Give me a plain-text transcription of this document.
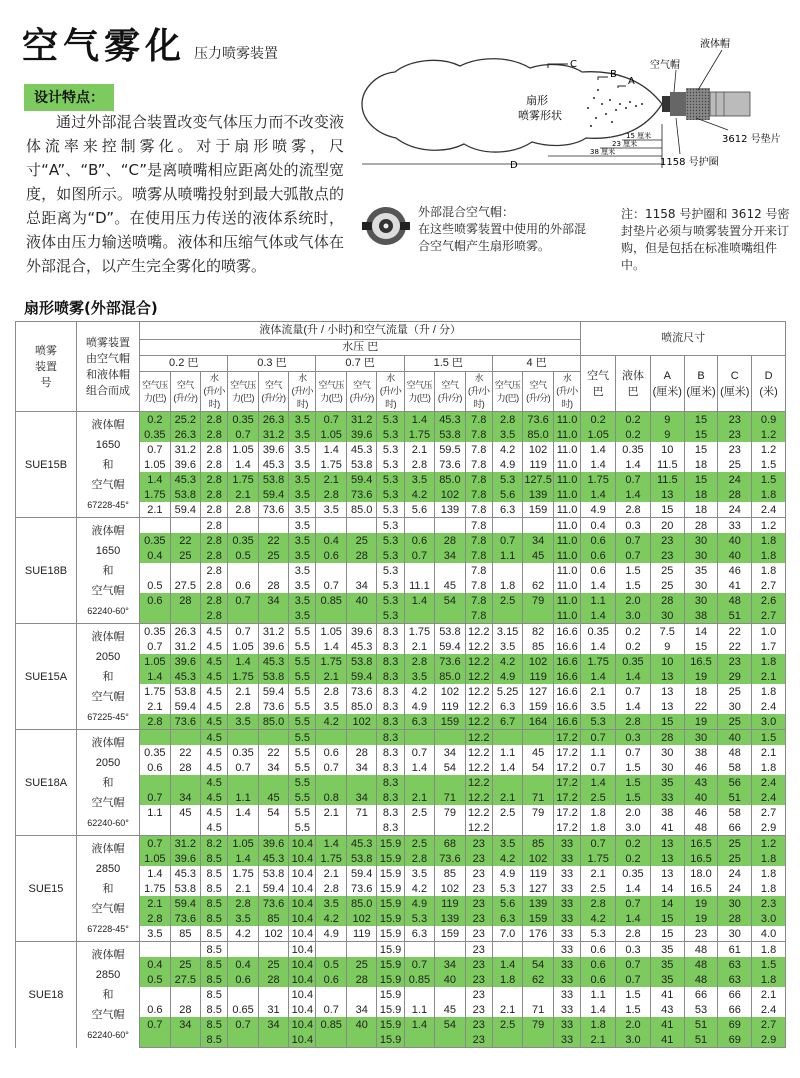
空气雾化 压力喷雾装置
设计特点：
通过外部混合装置改变气体压力而不改变液体流率来控制雾化。对于扇形喷雾，尺寸“A”、“B”、“C”是离喷嘴相应距离处的流型宽度，如图所示。喷雾从喷嘴投射到最大弧散点的总距离为“D”。在使用压力传送的液体系统时，液体由压力输送喷嘴。液体和压缩气体或气体在外部混合，以产生完全雾化的喷雾。
C
B
A
扇形
喷雾形状
15 厘米
23 厘米
38 厘米
D
液体帽
空气帽
3612 号垫片
1158 号护圈
外部混合空气帽：
在这些喷雾装置中使用的外部混
合空气帽产生扇形喷雾。
注：1158 号护圈和 3612 号密封垫片必须与喷雾装置分开来订购，但是包括在标准喷嘴组件中。
扇形喷雾(外部混合)
喷雾
装置
号	喷雾装置
由空气帽
和液体帽
组合而成	液体流量(升 / 小时)和空气流量（升 / 分）															喷流尺寸					
		水压 巴																				
		0.2 巴			0.3 巴			0.7 巴			1.5 巴			4 巴			空气
巴	液体
巴	A
(厘米)	B
(厘米)	C
(厘米)	D
(米)
		空气压
力(巴)	空气
(升/分)	水
(升/小时)	空气压
力(巴)	空气
(升/分)	水
(升/小时)	空气压
力(巴)	空气
(升/分)	水
(升/小时)	空气压
力(巴)	空气
(升/分)	水
(升/小时)	空气压
力(巴)	空气
(升/分)	水
(升/小时)						
SUE15B	液体帽
1650
和
空气帽
67228-45°	0.2	25.2	2.8	0.35	26.3	3.5	0.7	31.2	5.3	1.4	45.3	7.8	2.8	73.6	11.0	0.2	0.2	9	15	23	0.9
		0.35	26.3	2.8	0.7	31.2	3.5	1.05	39.6	5.3	1.75	53.8	7.8	3.5	85.0	11.0	1.05	0.2	9	15	23	1.2
		0.7	31.2	2.8	1.05	39.6	3.5	1.4	45.3	5.3	2.1	59.5	7.8	4.2	102	11.0	1.4	0.35	10	15	23	1.2
		1.05	39.6	2.8	1.4	45.3	3.5	1.75	53.8	5.3	2.8	73.6	7.8	4.9	119	11.0	1.4	1.4	11.5	18	25	1.5
		1.4	45.3	2.8	1.75	53.8	3.5	2.1	59.4	5.3	3.5	85.0	7.8	5.3	127.5	11.0	1.75	0.7	11.5	15	24	1.5
		1.75	53.8	2.8	2.1	59.4	3.5	2.8	73.6	5.3	4.2	102	7.8	5.6	139	11.0	1.4	1.4	13	18	28	1.8
		2.1	59.4	2.8	2.8	73.6	3.5	3.5	85.0	5.3	5.6	139	7.8	6.3	159	11.0	4.9	2.8	15	18	24	2.4
SUE18B	液体帽
1650
和
空气帽
62240-60°			2.8			3.5			5.3			7.8			11.0	0.4	0.3	20	28	33	1.2
		0.35	22	2.8	0.35	22	3.5	0.4	25	5.3	0.6	28	7.8	0.7	34	11.0	0.6	0.7	23	30	40	1.8
		0.4	25	2.8	0.5	25	3.5	0.6	28	5.3	0.7	34	7.8	1.1	45	11.0	0.6	0.7	23	30	40	1.8
				2.8			3.5			5.3			7.8			11.0	0.6	1.5	25	35	46	1.8
		0.5	27.5	2.8	0.6	28	3.5	0.7	34	5.3	11.1	45	7.8	1.8	62	11.0	1.4	1.5	25	30	41	2.7
		0.6	28	2.8	0.7	34	3.5	0.85	40	5.3	1.4	54	7.8	2.5	79	11.0	1.1	2.0	28	30	48	2.6
				2.8			3.5			5.3			7.8			11.0	1.4	3.0	30	38	51	2.7
SUE15A	液体帽
2050
和
空气帽
67225-45°	0.35	26.3	4.5	0.7	31.2	5.5	1.05	39.6	8.3	1.75	53.8	12.2	3.15	82	16.6	0.35	0.2	7.5	14	22	1.0
		0.7	31.2	4.5	1.05	39.6	5.5	1.4	45.3	8.3	2.1	59.4	12.2	3.5	85	16.6	1.4	0.2	9	15	22	1.7
		1.05	39.6	4.5	1.4	45.3	5.5	1.75	53.8	8.3	2.8	73.6	12.2	4.2	102	16.6	1.75	0.35	10	16.5	23	1.8
		1.4	45.3	4.5	1.75	53.8	5.5	2.1	59.4	8.3	3.5	85.0	12.2	4.9	119	16.6	1.4	1.4	13	19	29	2.1
		1.75	53.8	4.5	2.1	59.4	5.5	2.8	73.6	8.3	4.2	102	12.2	5.25	127	16.6	2.1	0.7	13	18	25	1.8
		2.1	59.4	4.5	2.8	73.6	5.5	3.5	85.0	8.3	4.9	119	12.2	6.3	159	16.6	3.5	1.4	13	22	30	2.4
		2.8	73.6	4.5	3.5	85.0	5.5	4.2	102	8.3	6.3	159	12.2	6.7	164	16.6	5.3	2.8	15	19	25	3.0
SUE18A	液体帽
2050
和
空气帽
62240-60°			4.5			5.5			8.3			12.2			17.2	0.7	0.3	28	30	40	1.5
		0.35	22	4.5	0.35	22	5.5	0.6	28	8.3	0.7	34	12.2	1.1	45	17.2	1.1	0.7	30	38	48	2.1
		0.6	28	4.5	0.7	34	5.5	0.7	34	8.3	1.4	54	12.2	1.4	54	17.2	0.7	1.5	30	46	58	1.8
				4.5			5.5			8.3			12.2			17.2	1.4	1.5	35	43	56	2.4
		0.7	34	4.5	1.1	45	5.5	0.8	34	8.3	2.1	71	12.2	2.1	71	17.2	2.5	1.5	33	40	51	2.4
		1.1	45	4.5	1.4	54	5.5	2.1	71	8.3	2.5	79	12.2	2.5	79	17.2	1.8	2.0	38	46	58	2.7
				4.5			5.5			8.3			12.2			17.2	1.8	3.0	41	48	66	2.9
SUE15	液体帽
2850
和
空气帽
67228-45°	0.7	31.2	8.2	1.05	39.6	10.4	1.4	45.3	15.9	2.5	68	23	3.5	85	33	0.7	0.2	13	16.5	25	1.2
		1.05	39.6	8.5	1.4	45.3	10.4	1.75	53.8	15.9	2.8	73.6	23	4.2	102	33	1.75	0.2	13	16.5	25	1.8
		1.4	45.3	8.5	1.75	53.8	10.4	2.1	59.4	15.9	3.5	85	23	4.9	119	33	2.1	0.35	13	18.0	24	1.8
		1.75	53.8	8.5	2.1	59.4	10.4	2.8	73.6	15.9	4.2	102	23	5.3	127	33	2.5	1.4	14	16.5	24	1.8
		2.1	59.4	8.5	2.8	73.6	10.4	3.5	85.0	15.9	4.9	119	23	5.6	139	33	2.8	0.7	14	19	30	2.3
		2.8	73.6	8.5	3.5	85	10.4	4.2	102	15.9	5.3	139	23	6.3	159	33	4.2	1.4	15	19	28	3.0
		3.5	85	8.5	4.2	102	10.4	4.9	119	15.9	6.3	159	23	7.0	176	33	5.3	2.8	15	23	30	4.0
SUE18	液体帽
2850
和
空气帽
62240-60°			8.5			10.4			15.9			23			33	0.6	0.3	35	48	61	1.8
		0.4	25	8.5	0.4	25	10.4	0.5	25	15.9	0.7	34	23	1.4	54	33	0.6	0.7	35	48	63	1.5
		0.5	27.5	8.5	0.6	28	10.4	0.6	28	15.9	0.85	40	23	1.8	62	33	0.6	0.7	35	48	63	1.8
				8.5			10.4			15.9			23			33	1.1	1.5	41	66	66	2.1
		0.6	28	8.5	0.65	31	10.4	0.7	34	15.9	1.1	45	23	2.1	71	33	1.4	1.5	43	53	66	2.4
		0.7	34	8.5	0.7	34	10.4	0.85	40	15.9	1.4	54	23	2.5	79	33	1.8	2.0	41	51	69	2.7
				8.5			10.4			15.9			23			33	2.1	3.0	41	51	69	2.9
